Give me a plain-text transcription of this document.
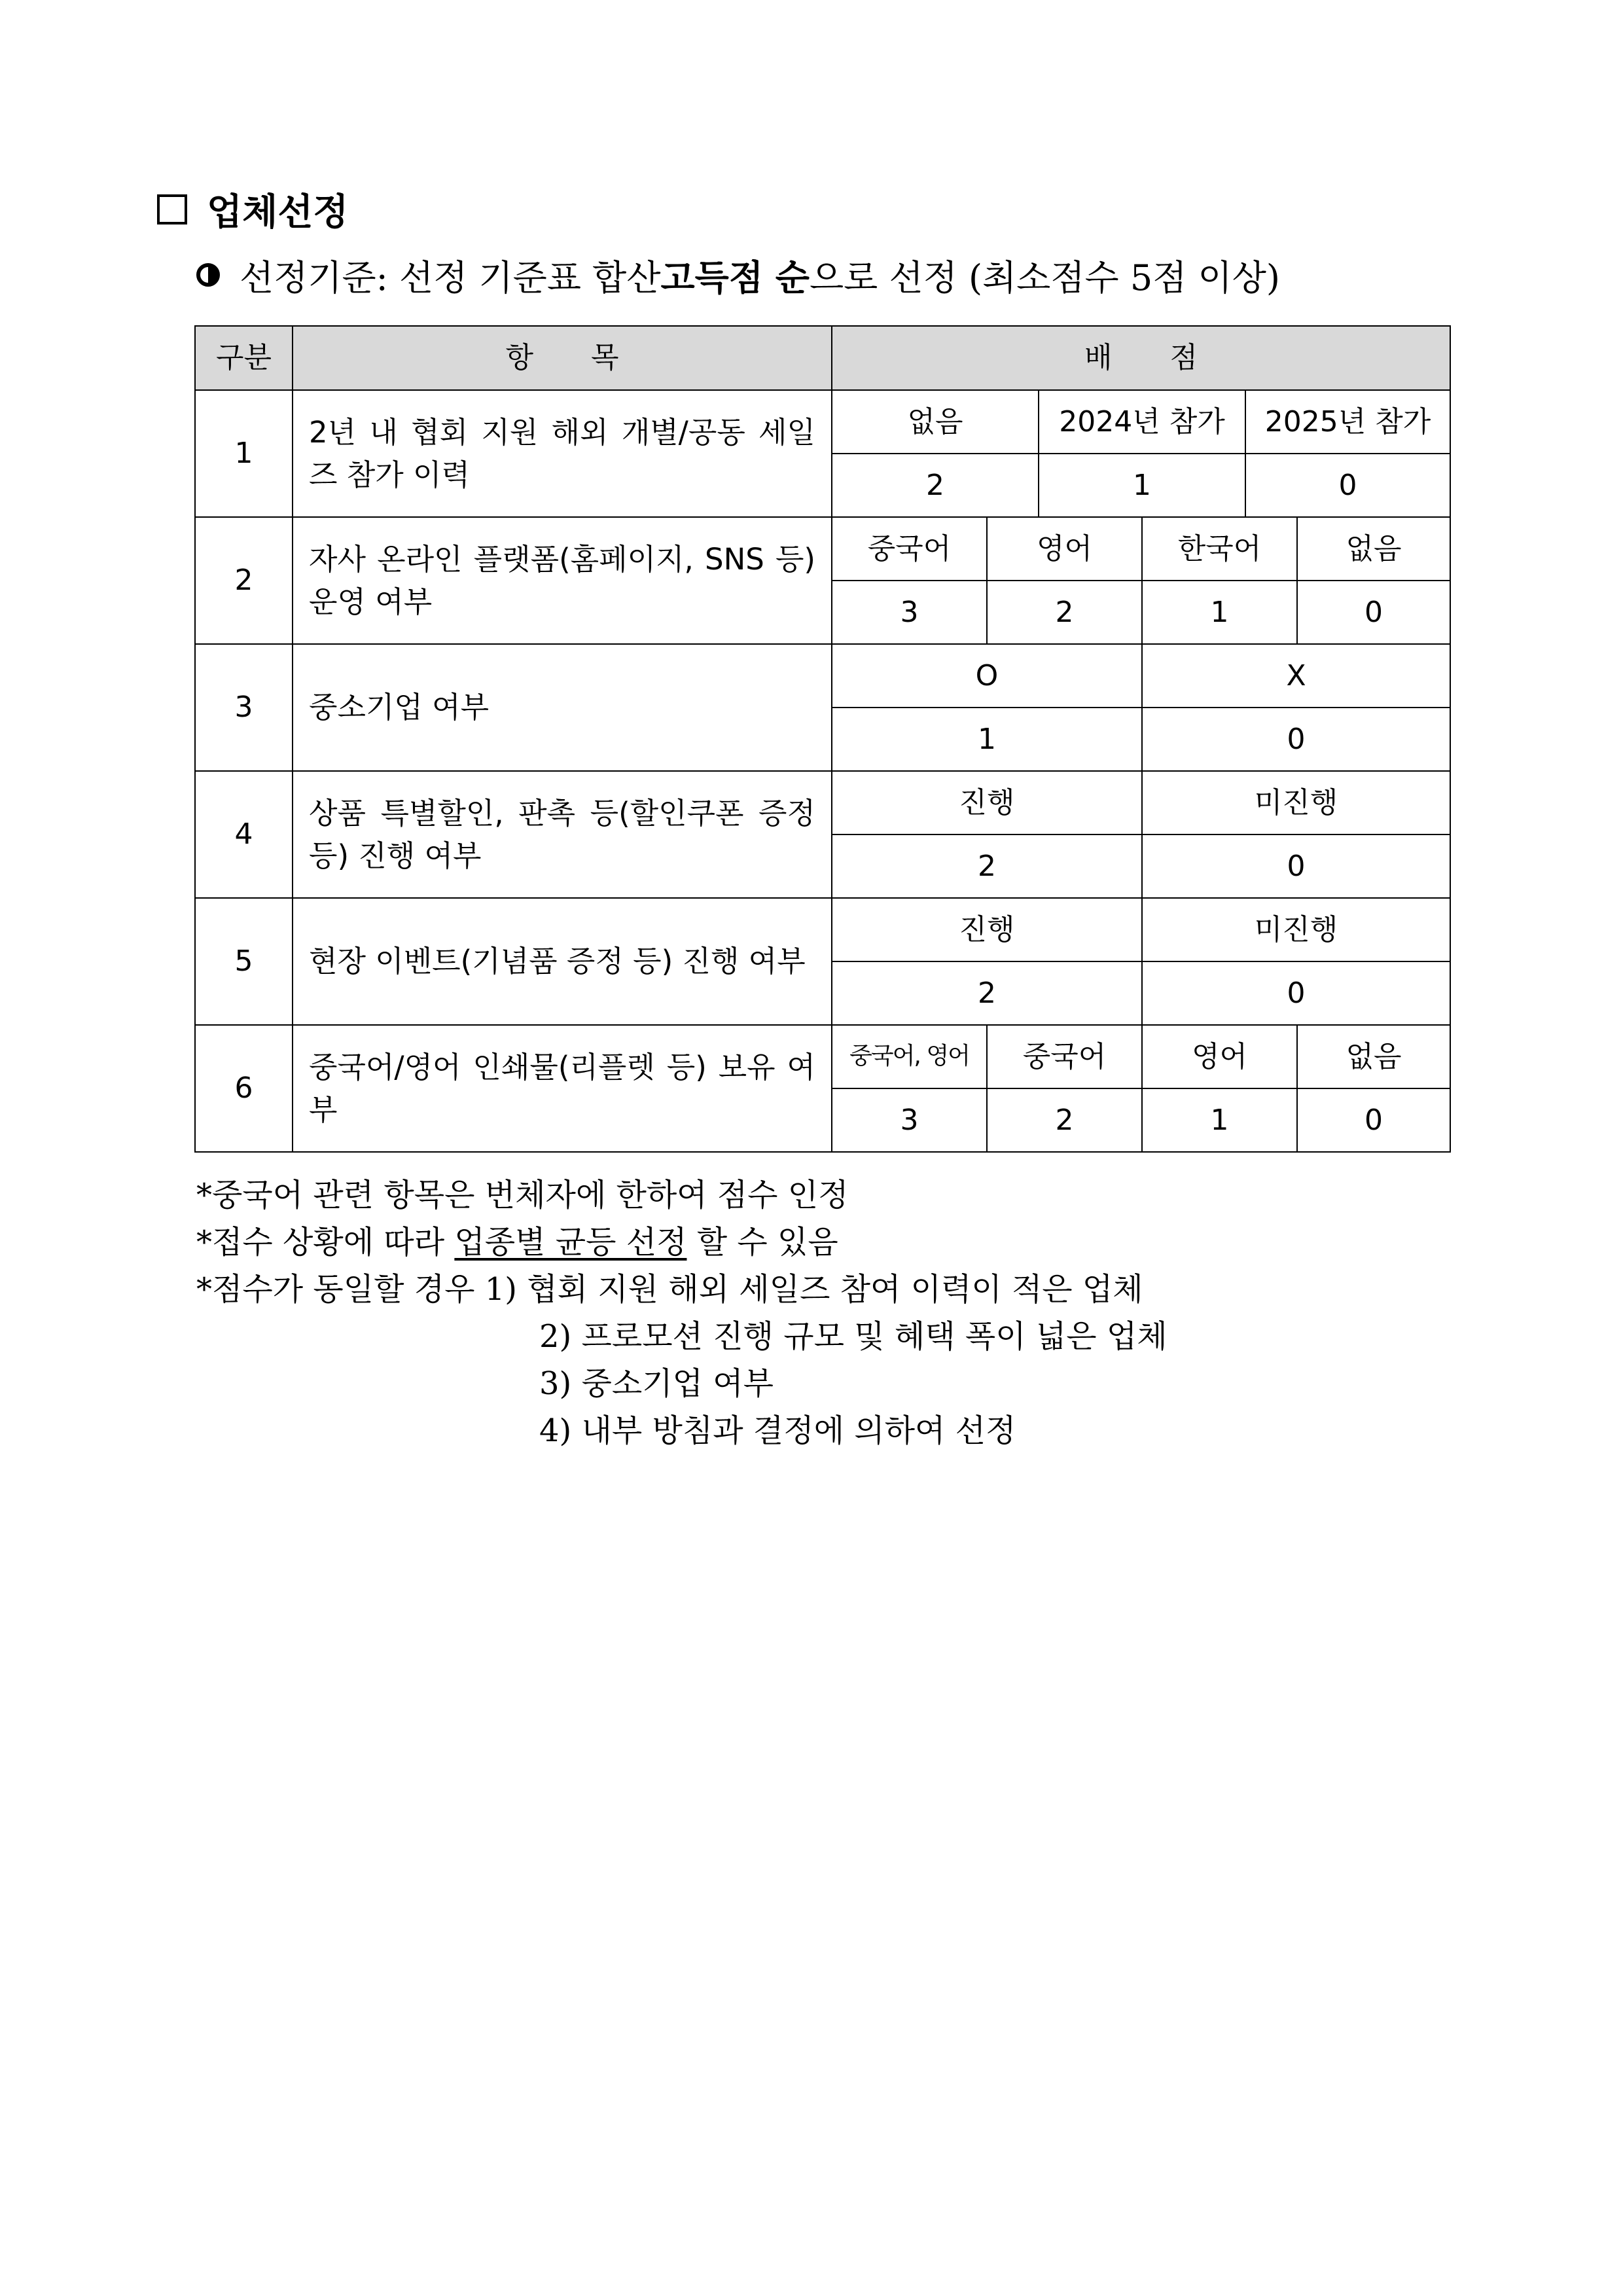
업체선정
선정기준: 선정 기준표 합산 고득점 순 으로 선정 (최소점수 5점 이상)
구분	항　　목	배　　점					
1	2년 내 협회 지원 해외 개별/공동 세일즈 참가 이력	없음		2024년 참가		2025년 참가	
		2		1		0	
2	자사 온라인 플랫폼(홈페이지, SNS 등) 운영 여부	중국어	영어		한국어		없음
		3	2		1		0
3	중소기업 여부	O			X		
		1			0		
4	상품 특별할인, 판촉 등(할인쿠폰 증정 등) 진행 여부	진행			미진행		
		2			0		
5	현장 이벤트(기념품 증정 등) 진행 여부	진행			미진행		
		2			0		
6	중국어/영어 인쇄물(리플렛 등) 보유 여부	중국어, 영어	중국어		영어		없음
		3	2		1		0
*중국어 관련 항목은 번체자에 한하여 점수 인정
*접수 상황에 따라 업종별 균등 선정 할 수 있음
*점수가 동일할 경우 1) 협회 지원 해외 세일즈 참여 이력이 적은 업체
2) 프로모션 진행 규모 및 혜택 폭이 넓은 업체
3) 중소기업 여부
4) 내부 방침과 결정에 의하여 선정
